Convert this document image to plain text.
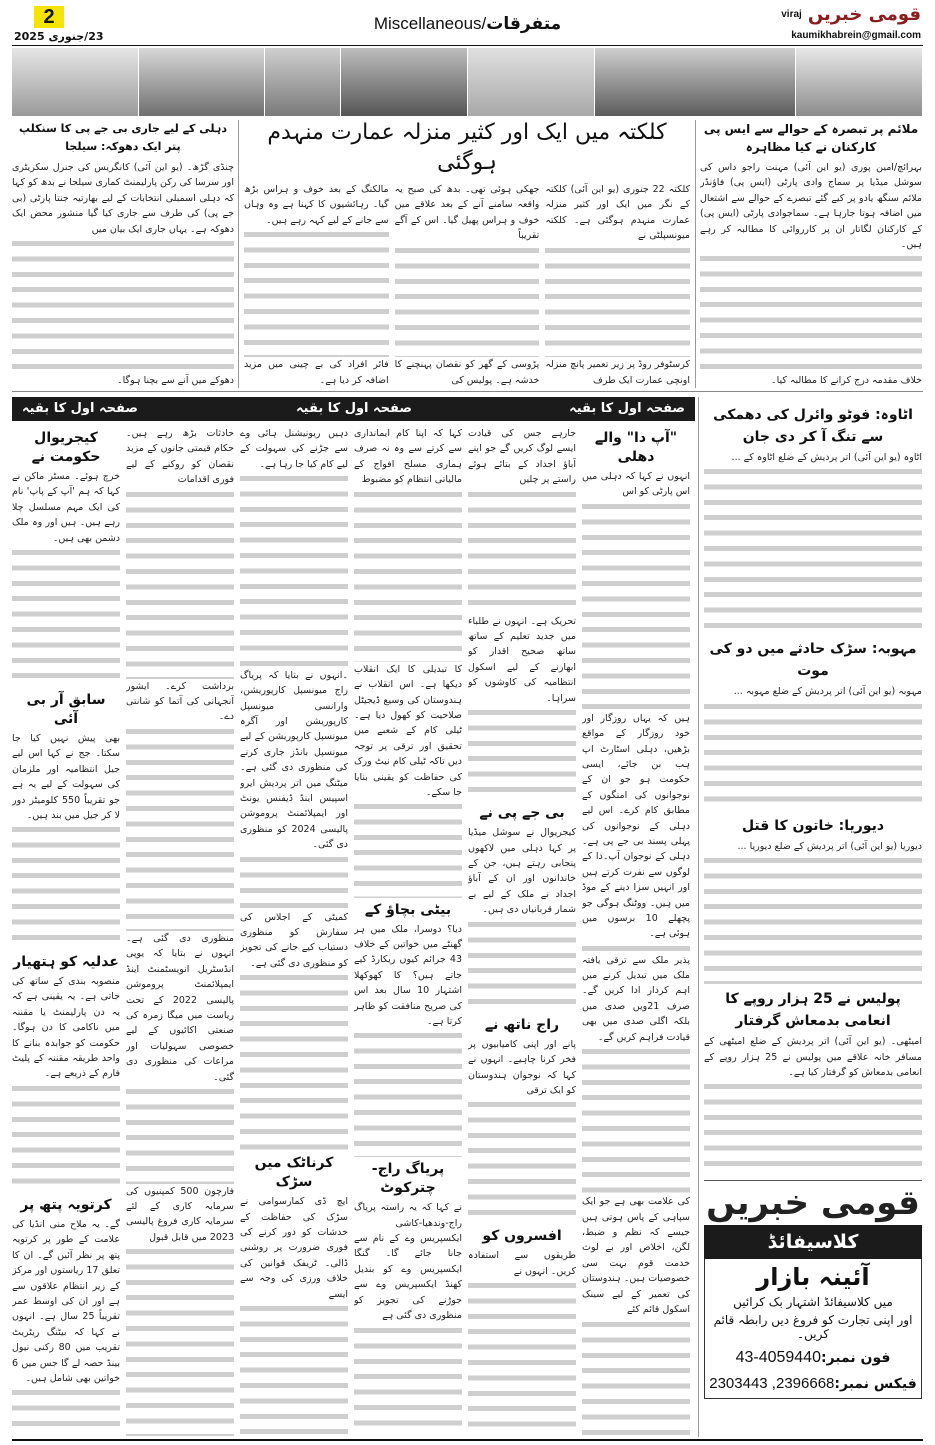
2
23/جنوری 2025
Miscellaneous/متفرقات	viraj قومی خبریں
kaumikhabrein@gmail.com
ملائم پر تبصرہ کے حوالے سے ایس پی کارکنان نے کیا مظاہرہ

بہرائچ/امین پوری (یو این آئی) مہنت راجو داس کی سوشل میڈیا پر سماج وادی پارٹی (ایس پی) فاؤنڈر ملائم سنگھ یادو پر کیے گئے تبصرے کے حوالے سے اشتعال میں اضافہ ہوتا جارہا ہے۔ سماجوادی پارٹی (ایس پی) کے کارکنان لگاتار ان پر کارروائی کا مطالبہ کر رہے ہیں۔

خلاف مقدمہ درج کرانے کا مطالبہ کیا۔

کلکتہ میں ایک اور کثیر منزلہ عمارت منہدم ہوگئی

کلکتہ 22 جنوری (یو این آئی) کلکتہ کے نگر میں ایک اور کثیر منزلہ عمارت منہدم ہوگئی ہے۔ کلکتہ میونسپلٹی نے

کرسٹوفر روڈ پر زیر تعمیر پانچ منزلہ اونچی عمارت ایک طرف

جھکی ہوئی تھی۔ بدھ کی صبح یہ واقعہ سامنے آنے کے بعد علاقے میں خوف و ہراس پھیل گیا۔ اس کے آگے تقریباً

پڑوسی کے گھر کو نقصان پہنچنے کا خدشہ ہے۔ پولیس کی

مالکنگ کے بعد خوف و ہراس بڑھ گیا۔ رہائشیوں کا کہنا ہے وہ وہاں سے جانے کے لیے کہہ رہے ہیں۔

فائر افراد کی بے چینی میں مزید اضافہ کر دیا ہے۔

دہلی کے لیے جاری بی جے پی کا سنکلپ پتر ایک دھوکہ: سیلجا

چنڈی گڑھ۔ (یو این آئی) کانگریس کی جنرل سکریٹری اور سرسا کی رکن پارلیمنٹ کماری سیلجا نے بدھ کو کہا کہ دہلی اسمبلی انتخابات کے لیے بھارتیہ جنتا پارٹی (بی جے پی) کی طرف سے جاری کیا گیا منشور محض ایک دھوکہ ہے۔ یہاں جاری ایک بیان میں

دھوکے میں آنے سے بچنا ہوگا۔

صفحہ اول کا بقیہ
صفحہ اول کا بقیہ
صفحہ اول کا بقیہ
"آپ دا" والے دھلی

انہوں نے کہا کہ دہلی میں اس پارٹی کو اس

ہیں کہ یہاں روزگار اور خود روزگار کے مواقع بڑھیں، دہلی اسٹارٹ اپ ہب بن جائے، ایسی حکومت ہو جو ان کے نوجوانوں کی امنگوں کے مطابق کام کرے۔ اس لیے دہلی کے نوجوانوں کی پہلی پسند بی جے پی ہے۔ دہلی کے نوجوان آپ۔دا کے لوگوں سے نفرت کرتے ہیں اور انہیں سزا دینے کے موڈ میں ہیں۔ ووٹنگ ہوگی جو پچھلے 10 برسوں میں ہوئی ہے۔

پذیر ملک سے ترقی یافتہ ملک میں تبدیل کرنے میں اہم کردار ادا کریں گے۔ صرف 21ویں صدی میں بلکہ اگلی صدی میں بھی قیادت فراہم کریں گے۔

کی علامت بھی ہے جو ایک سپاہی کے پاس ہوتی ہیں جیسے کہ نظم و ضبط، لگن، اخلاص اور بے لوث خدمت قوم بہت سی خصوصیات ہیں۔ ہندوستان کی تعمیر کے لیے سینک اسکول قائم کئے

جارہے جس کی قیادت ایسے لوگ کریں گے جو اپنے آباؤ اجداد کے بتائے ہوئے راستے پر چلیں

تحریک ہے۔ انہوں نے طلباء میں جدید تعلیم کے ساتھ ساتھ صحیح اقدار کو ابھارنے کے لیے اسکول انتظامیہ کی کاوشوں کو سراہا۔

بی جے پی نے

کیجریوال نے سوشل میڈیا پر کہا دہلی میں لاکھوں پنجابی رہتے ہیں، جن کے خاندانوں اور ان کے آباؤ اجداد نے ملک کے لیے بے شمار قربانیاں دی ہیں۔

راج ناتھ نے

پانے اور اپنی کامیابیوں پر فخر کرنا چاہیے۔ انہوں نے کہا کہ نوجوان ہندوستان کو ایک ترقی

افسروں کو

طریقوں سے استفادہ کریں۔ انہوں نے

کہا کہ اپنا کام ایمانداری سے کرتے سے وہ نہ صرف ہماری مسلح افواج کے مالیاتی انتظام کو مضبوط

کا تبدیلی کا ایک انقلاب دیکھا ہے۔ اس انقلاب نے ہندوستان کی وسیع ڈیجیٹل صلاحیت کو کھول دیا ہے۔ ٹیلی کام کے شعبے میں تحقیق اور ترقی پر توجہ دیں تاکہ ٹیلی کام نیٹ ورک کی حفاظت کو یقینی بنایا جا سکے۔

بیٹی بچاؤ کے

دیا؟ دوسرا، ملک میں ہر گھنٹے میں خواتین کے خلاف 43 جرائم کیوں ریکارڈ کیے جاتے ہیں؟ کا کھوکھلا اشتہار 10 سال بعد اس کی صریح منافقت کو ظاہر کرتا ہے۔

پریاگ راج-چترکوٹ

نے کہا کہ یہ راستہ پریاگ راج-وندھیا-کاشی ایکسپریس وے کے نام سے جانا جائے گا۔ گنگا ایکسپریس وے کو بندیل کھنڈ ایکسپریس وے سے جوڑنے کی تجویز کو منظوری دی گئی ہے

دہیں ریونیشنل ہائی وے سے جڑنے کی سہولت کے لیے کام کیا جا رہا ہے۔

۔انہوں نے بتایا کہ پریاگ راج میونسپل کارپوریشن، وارانسی میونسپل کارپوریشن اور آگرہ میونسپل کارپوریشن کے لیے میونسپل بانڈز جاری کرنے کی منظوری دی گئی ہے۔ میٹنگ میں اتر پردیش ایرو اسپیس اینڈ ڈیفنس یونٹ اور ایمپلائمنٹ پروموشن پالیسی 2024 کو منظوری دی گئی۔

کمیٹی کے اجلاس کی سفارش کو منظوری دستیاب کیے جانے کی تجویز کو منظوری دی گئی ہے۔

کرناٹک میں سڑک

ایچ ڈی کمارسوامی نے سڑک کی حفاظت کے خدشات کو دور کرنے کی فوری ضرورت پر روشنی ڈالی۔ ٹریفک قوانین کی خلاف ورزی کی وجہ سے ایسے

حادثات بڑھ رہے ہیں۔ حکام قیمتی جانوں کے مزید نقصان کو روکنے کے لیے فوری اقدامات

برداشت کرے۔ ایشور آنجہانی کی آتما کو شانتی دے۔

منظوری دی گئی ہے۔ انہوں نے بتایا کہ یوپی انڈسٹریل انویسٹمنٹ اینڈ ایمپلائمنٹ پروموشن پالیسی 2022 کے تحت ریاست میں میگا زمرہ کی صنعتی اکائیوں کے لیے خصوصی سہولیات اور مراعات کی منظوری دی گئی۔

فارچون 500 کمپنیوں کی سرمایہ کاری کے لئے سرمایہ کاری فروغ پالیسی 2023 میں قابل قبول

کیجریوال حکومت نے

خرچ ہوئے۔ مسٹر ماکن نے کہا کہ ہم 'آپ کے پاپ' نام کی ایک مہم مسلسل چلا رہے ہیں۔ ہیں اور وہ ملک دشمن بھی ہیں۔

سابق آر بی آئی

بھی پیش نہیں کیا جا سکتا۔ جج نے کہا اس لیے جیل انتظامیہ اور ملزمان کی سہولت کے لیے یہ ہے جو تقریباً 550 کلومیٹر دور لا کر جیل میں بند ہیں۔

عدلیہ کو ہتھیار

منصوبہ بندی کے ساتھ کی جاتی ہے۔ یہ یقینی ہے کہ یہ دن پارلیمنٹ یا مقننہ میں ناکامی کا دن ہوگا۔ حکومت کو جوابدہ بنانے کا واحد طریقہ مقننہ کے پلیٹ فارم کے ذریعے ہے۔

کرتویہ پتھ پر

گے۔ یہ ملاح منی انڈیا کی علامت کے طور پر کرتویہ پتھ پر نظر آئیں گے۔ ان کا تعلق 17 ریاستوں اور مرکز کے زیر انتظام علاقوں سے ہے اور ان کی اوسط عمر تقریباً 25 سال ہے۔ انہوں نے کہا کہ بیٹنگ ریٹریٹ تقریب میں 80 رکنی نیول بینڈ حصہ لے گا جس میں 6 خواتین بھی شامل ہیں۔

اٹاوہ: فوٹو وائرل کی دھمکی سے تنگ آ کر دی جان

اٹاوہ (یو این آئی) اتر پردیش کے ضلع اٹاوہ کے ...

مہوبہ: سڑک حادثے میں دو کی موت

مہوبہ (یو این آئی) اتر پردیش کے ضلع مہوبہ ...

دیوریا: خاتون کا قتل

دیوریا (یو این آئی) اتر پردیش کے ضلع دیوریا ...

پولیس نے 25 ہزار روپے کا انعامی بدمعاش گرفتار

امیٹھی۔ (یو این آئی) اتر پردیش کے ضلع امیٹھی کے مسافر خانہ علاقے میں پولیس نے 25 ہزار روپے کے انعامی بدمعاش کو گرفتار کیا ہے۔

قومی خبریں
کلاسیفائڈ
آئینہ بازار
میں کلاسیفائڈ اشتہار بک کرائیں
اور اپنی تجارت کو فروغ دیں رابطہ قائم کریں۔
فون نمبر:4059440-43
فیکس نمبر:2396668, 2303443
